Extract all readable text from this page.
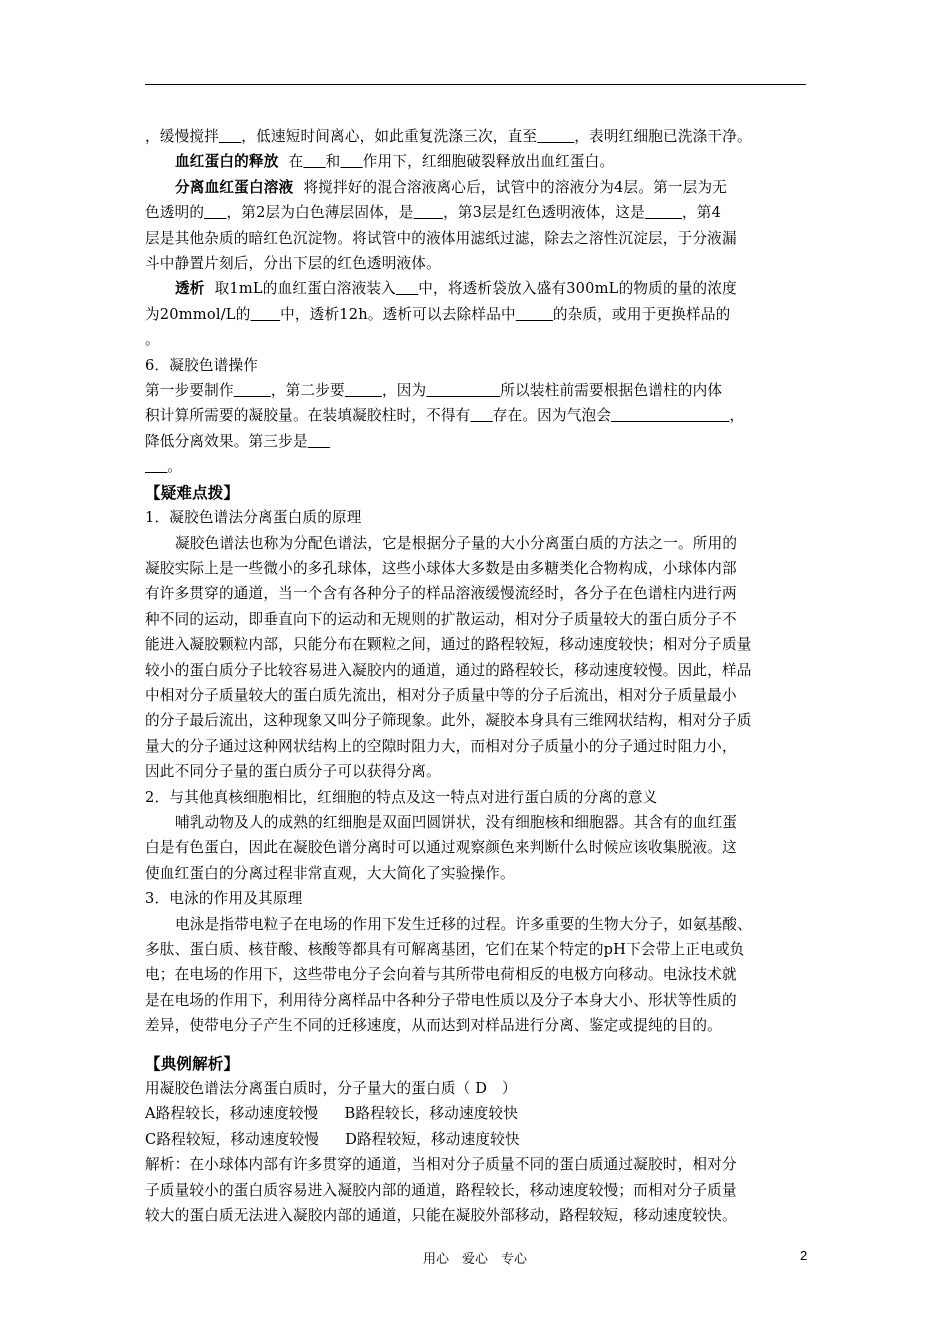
，缓慢搅拌   ，低速短时间离心，如此重复洗涤三次，直至   	，表明红细胞已洗涤干净。

血红蛋白的释放 在   和   作用下，红细胞破裂释放出血红蛋白。

分离血红蛋白溶液 将搅拌好的混合溶液离心后，试管中的溶液分为4层。第一层为无

色透明的   ，第2层为白色薄层固体，是   ，第3层是红色透明液体，这是   	，第4

层是其他杂质的暗红色沉淀物。将试管中的液体用滤纸过滤，除去之溶性沉淀层，于分液漏

斗中静置片刻后，分出下层的红色透明液体。

透析 取1mL的血红蛋白溶液装入   中，将透析袋放入盛有300mL的物质的量的浓度

为20mmol/L的   中，透析12h。透析可以去除样品中   	的杂质，或用于更换样品的

。

6．凝胶色谱操作

第一步要制作   	，第二步要   	，因为     	所以装柱前需要根据色谱柱的内体

积计算所需要的凝胶量。在装填凝胶柱时，不得有   存在。因为气泡会        	，

降低分离效果。第三步是  

  。

【疑难点拨】

1．凝胶色谱法分离蛋白质的原理

凝胶色谱法也称为分配色谱法，它是根据分子量的大小分离蛋白质的方法之一。所用的

凝胶实际上是一些微小的多孔球体，这些小球体大多数是由多糖类化合物构成，小球体内部

有许多贯穿的通道，当一个含有各种分子的样品溶液缓慢流经时，各分子在色谱柱内进行两

种不同的运动，即垂直向下的运动和无规则的扩散运动，相对分子质量较大的蛋白质分子不

能进入凝胶颗粒内部，只能分布在颗粒之间，通过的路程较短，移动速度较快；相对分子质量

较小的蛋白质分子比较容易进入凝胶内的通道，通过的路程较长，移动速度较慢。因此，样品

中相对分子质量较大的蛋白质先流出，相对分子质量中等的分子后流出，相对分子质量最小

的分子最后流出，这种现象又叫分子筛现象。此外，凝胶本身具有三维网状结构，相对分子质

量大的分子通过这种网状结构上的空隙时阻力大，而相对分子质量小的分子通过时阻力小，

因此不同分子量的蛋白质分子可以获得分离。

2．与其他真核细胞相比，红细胞的特点及这一特点对进行蛋白质的分离的意义

哺乳动物及人的成熟的红细胞是双面凹圆饼状，没有细胞核和细胞器。其含有的血红蛋

白是有色蛋白，因此在凝胶色谱分离时可以通过观察颜色来判断什么时候应该收集脱液。这

使血红蛋白的分离过程非常直观，大大简化了实验操作。

3．电泳的作用及其原理

电泳是指带电粒子在电场的作用下发生迁移的过程。许多重要的生物大分子，如氨基酸、

多肽、蛋白质、核苷酸、核酸等都具有可解离基团，它们在某个特定的pH下会带上正电或负

电；在电场的作用下，这些带电分子会向着与其所带电荷相反的电极方向移动。电泳技术就

是在电场的作用下，利用待分离样品中各种分子带电性质以及分子本身大小、形状等性质的

差异，使带电分子产生不同的迁移速度，从而达到对样品进行分离、鉴定或提纯的目的。

【典例解析】

用凝胶色谱法分离蛋白质时，分子量大的蛋白质（ D　）

A路程较长，移动速度较慢 B路程较长，移动速度较快

C路程较短，移动速度较慢 D路程较短，移动速度较快

解析：在小球体内部有许多贯穿的通道，当相对分子质量不同的蛋白质通过凝胶时，相对分

子质量较小的蛋白质容易进入凝胶内部的通道，路程较长，移动速度较慢；而相对分子质量

较大的蛋白质无法进入凝胶内部的通道，只能在凝胶外部移动，路程较短，移动速度较快。

用心　爱心　专心	2
